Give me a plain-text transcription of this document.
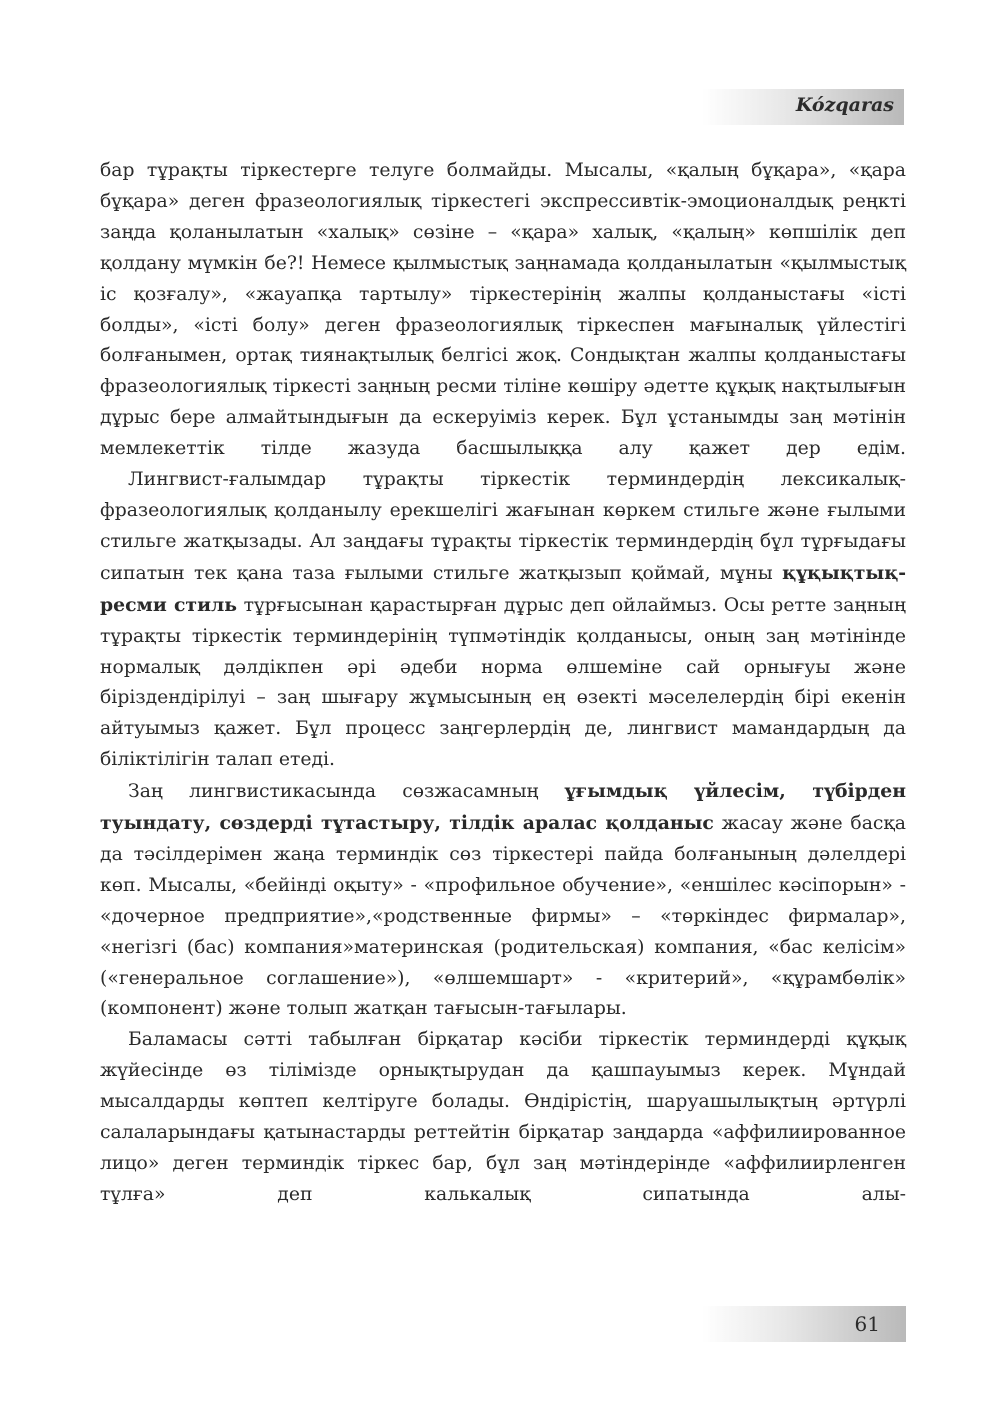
Kózqaras

бар тұрақты тіркестерге телуге болмайды. Мысалы, «қалың бұқара», «қара бұқара» деген фразеологиялық тіркестегі экспрессивтік-эмоционалдық реңкті заңда қоланылатын «халық» сөзіне – «қара» халық, «қалың» көпшілік деп қолдану мүмкін бе?! Немесе қылмыстық заңнамада қолданылатын «қылмыстық іс қозғалу», «жауапқа тартылу» тіркестерінің жалпы қолданыстағы «істі болды», «істі болу» деген фразеологиялық тіркеспен мағыналық үйлестігі болғанымен, ортақ тиянақтылық белгісі жоқ. Сондықтан жалпы қолданыстағы фразеологиялық тіркесті заңның ресми тіліне көшіру әдетте құқық нақтылығын дұрыс бере алмайтындығын да ескеруіміз керек. Бұл ұстанымды заң мәтінін мемлекеттік тілде жазуда басшылыққа алу қажет дер едім.

Лингвист-ғалымдар тұрақты тіркестік терминдердің лексикалық-фразеологиялық қолданылу ерекшелігі жағынан көркем стильге және ғылыми стильге жатқызады. Ал заңдағы тұрақты тіркестік терминдердің бұл тұрғыдағы сипатын тек қана таза ғылыми стильге жатқызып қоймай, мұны құқықтық-ресми стиль тұрғысынан қарастырған дұрыс деп ойлаймыз. Осы ретте заңның тұрақты тіркестік терминдерінің түпмәтіндік қолданысы, оның заң мәтінінде нормалық дәлдікпен әрі әдеби норма өлшеміне сай орнығуы және біріздендірілуі – заң шығару жұмысының ең өзекті мәселелердің бірі екенін айтуымыз қажет. Бұл процесс заңгерлердің де, лингвист мамандардың да біліктілігін талап етеді.

Заң лингвистикасында сөзжасамның ұғымдық үйлесім, түбірден туындату, сөздерді тұтастыру, тілдік аралас қолданыс жасау және басқа да тәсілдерімен жаңа терминдік сөз тіркестері пайда болғанының дәлелдері көп. Мысалы, «бейінді оқыту» - «профильное обучение», «еншілес кәсіпорын» - «дочерное предприятие»,«родственные фирмы» – «төркіндес фирмалар», «негізгі (бас) компания»материнская (родительская) компания, «бас келісім» («генеральное соглашение»), «өлшемшарт» - «критерий», «құрамбөлік» (компонент) және толып жатқан тағысын-тағылары.

Баламасы сәтті табылған бірқатар кәсіби тіркестік терминдерді құқық жүйесінде өз тілімізде орнықтырудан да қашпауымыз керек. Мұндай мысалдарды көптеп келтіруге болады. Өндірістің, шаруашылықтың әртүрлі салаларындағы қатынастарды реттейтін бірқатар заңдарда «аффилиированное лицо» деген терминдік тіркес бар, бұл заң мәтіндерінде «аффилиирленген тұлға» деп калькалық сипатында алы-

61
